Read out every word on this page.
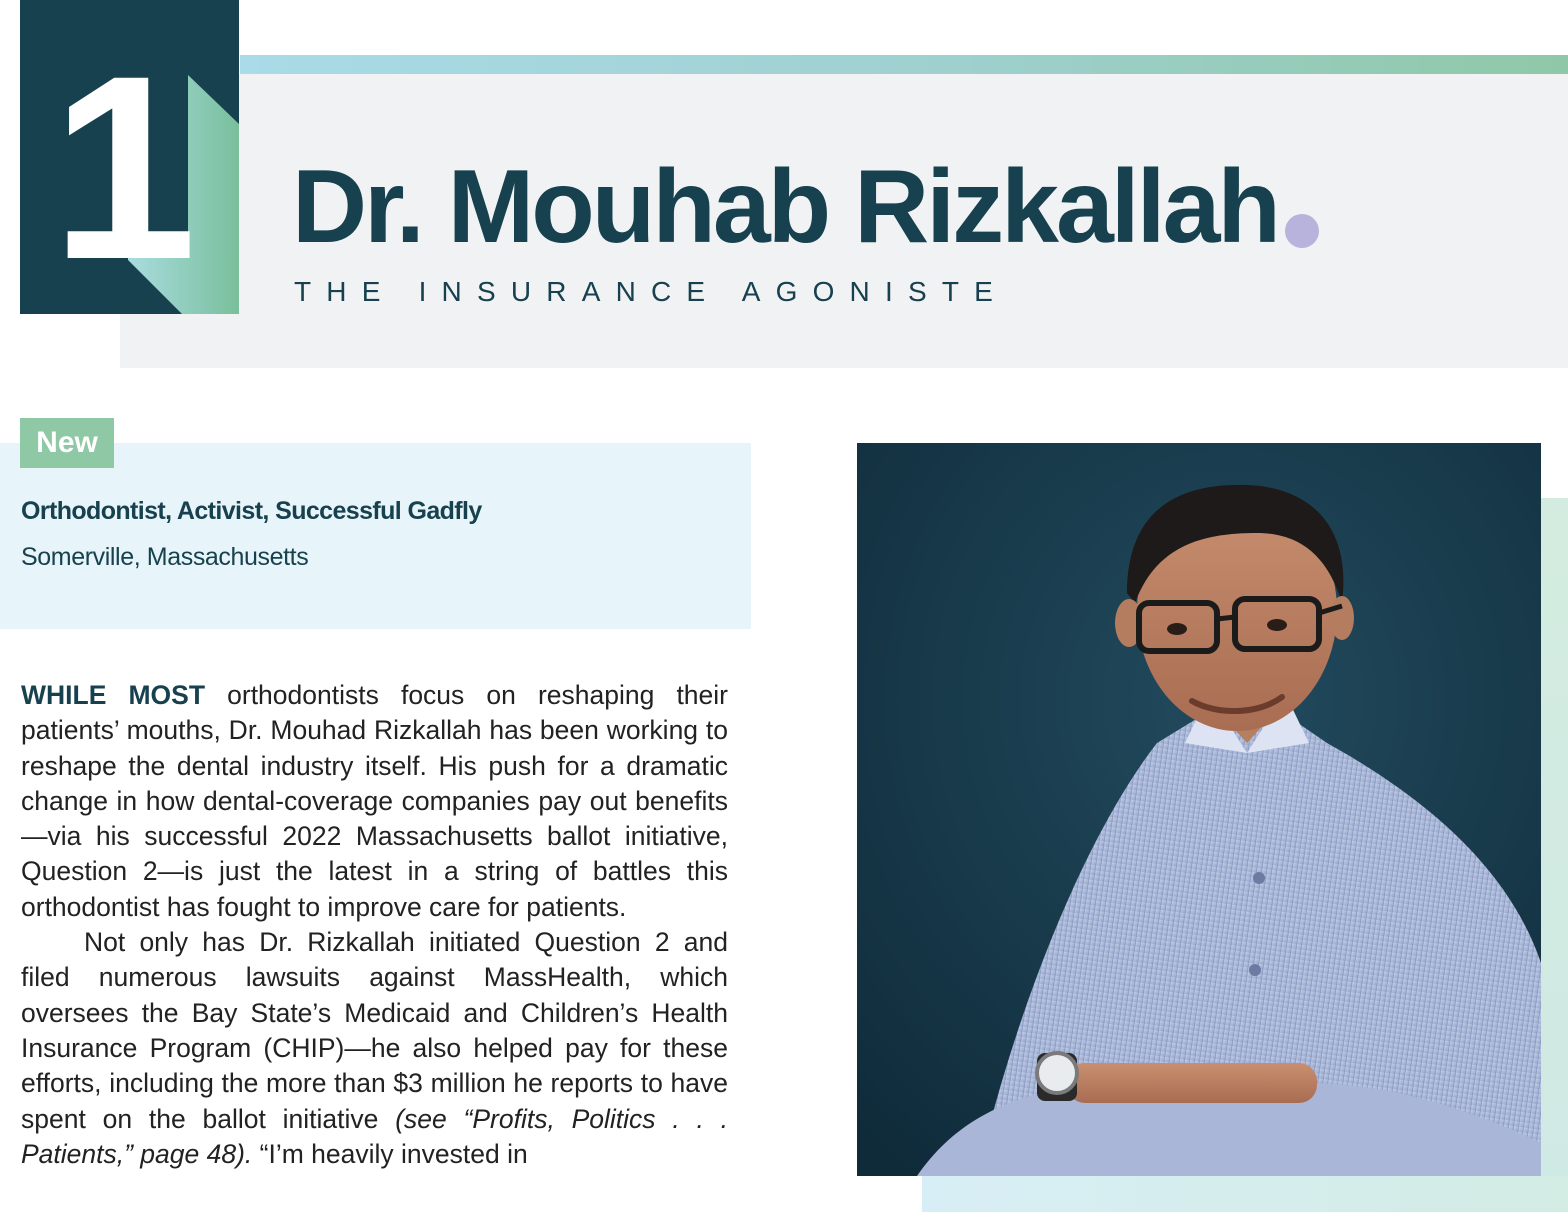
1 Dr. Mouhab Rizkallah
THE INSURANCE AGONISTE
New
Orthodontist, Activist, Successful Gadfly
Somerville, Massachusetts

WHILE MOST orthodontists focus on reshaping their patients’ mouths, Dr. Mouhad Rizkallah has been working to reshape the dental industry itself. His push for a dramatic change in how dental-coverage companies pay out benefits—via his successful 2022 Massachusetts ballot initiative, Question 2—is just the latest in a string of battles this orthodontist has fought to improve care for patients.

Not only has Dr. Rizkallah initiated Question 2 and filed numerous lawsuits against MassHealth, which oversees the Bay State’s Medicaid and Children’s Health Insurance Program (CHIP)—he also helped pay for these efforts, including the more than $3 million he reports to have spent on the ballot initiative (see “Profits, Politics . . . Patients,” page 48). “I’m heavily invested in
